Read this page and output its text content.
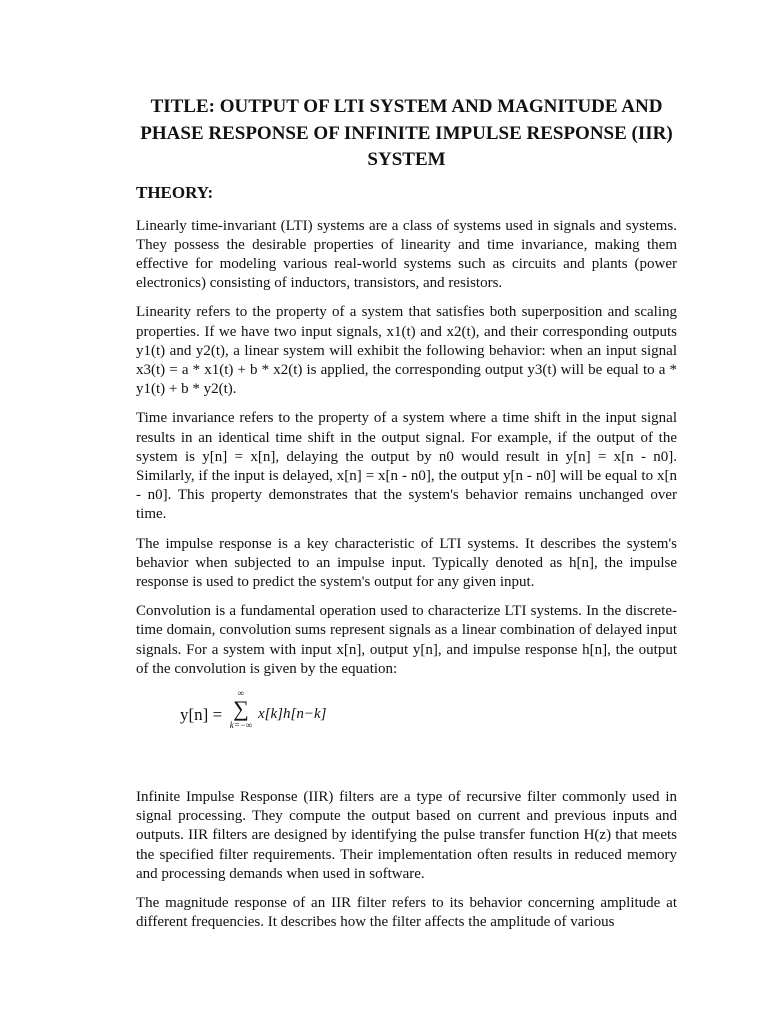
TITLE: OUTPUT OF LTI SYSTEM AND MAGNITUDE AND PHASE RESPONSE OF INFINITE IMPULSE RESPONSE (IIR) SYSTEM
THEORY:

Linearly time-invariant (LTI) systems are a class of systems used in signals and systems. They possess the desirable properties of linearity and time invariance, making them effective for modeling various real-world systems such as circuits and plants (power electronics) consisting of inductors, transistors, and resistors.

Linearity refers to the property of a system that satisfies both superposition and scaling properties. If we have two input signals, x1(t) and x2(t), and their corresponding outputs y1(t) and y2(t), a linear system will exhibit the following behavior: when an input signal x3(t) = a * x1(t) + b * x2(t) is applied, the corresponding output y3(t) will be equal to a * y1(t) + b * y2(t).

Time invariance refers to the property of a system where a time shift in the input signal results in an identical time shift in the output signal. For example, if the output of the system is y[n] = x[n], delaying the output by n0 would result in y[n] = x[n - n0]. Similarly, if the input is delayed, x[n] = x[n - n0], the output y[n - n0] will be equal to x[n - n0]. This property demonstrates that the system's behavior remains unchanged over time.

The impulse response is a key characteristic of LTI systems. It describes the system's behavior when subjected to an impulse input. Typically denoted as h[n], the impulse response is used to predict the system's output for any given input.

Convolution is a fundamental operation used to characterize LTI systems. In the discrete-time domain, convolution sums represent signals as a linear combination of delayed input signals. For a system with input x[n], output y[n], and impulse response h[n], the output of the convolution is given by the equation:

y[n] =
∞
∑
k=−∞
x[k]h[n−k]

Infinite Impulse Response (IIR) filters are a type of recursive filter commonly used in signal processing. They compute the output based on current and previous inputs and outputs. IIR filters are designed by identifying the pulse transfer function H(z) that meets the specified filter requirements. Their implementation often results in reduced memory and processing demands when used in software.

The magnitude response of an IIR filter refers to its behavior concerning amplitude at different frequencies. It describes how the filter affects the amplitude of various
